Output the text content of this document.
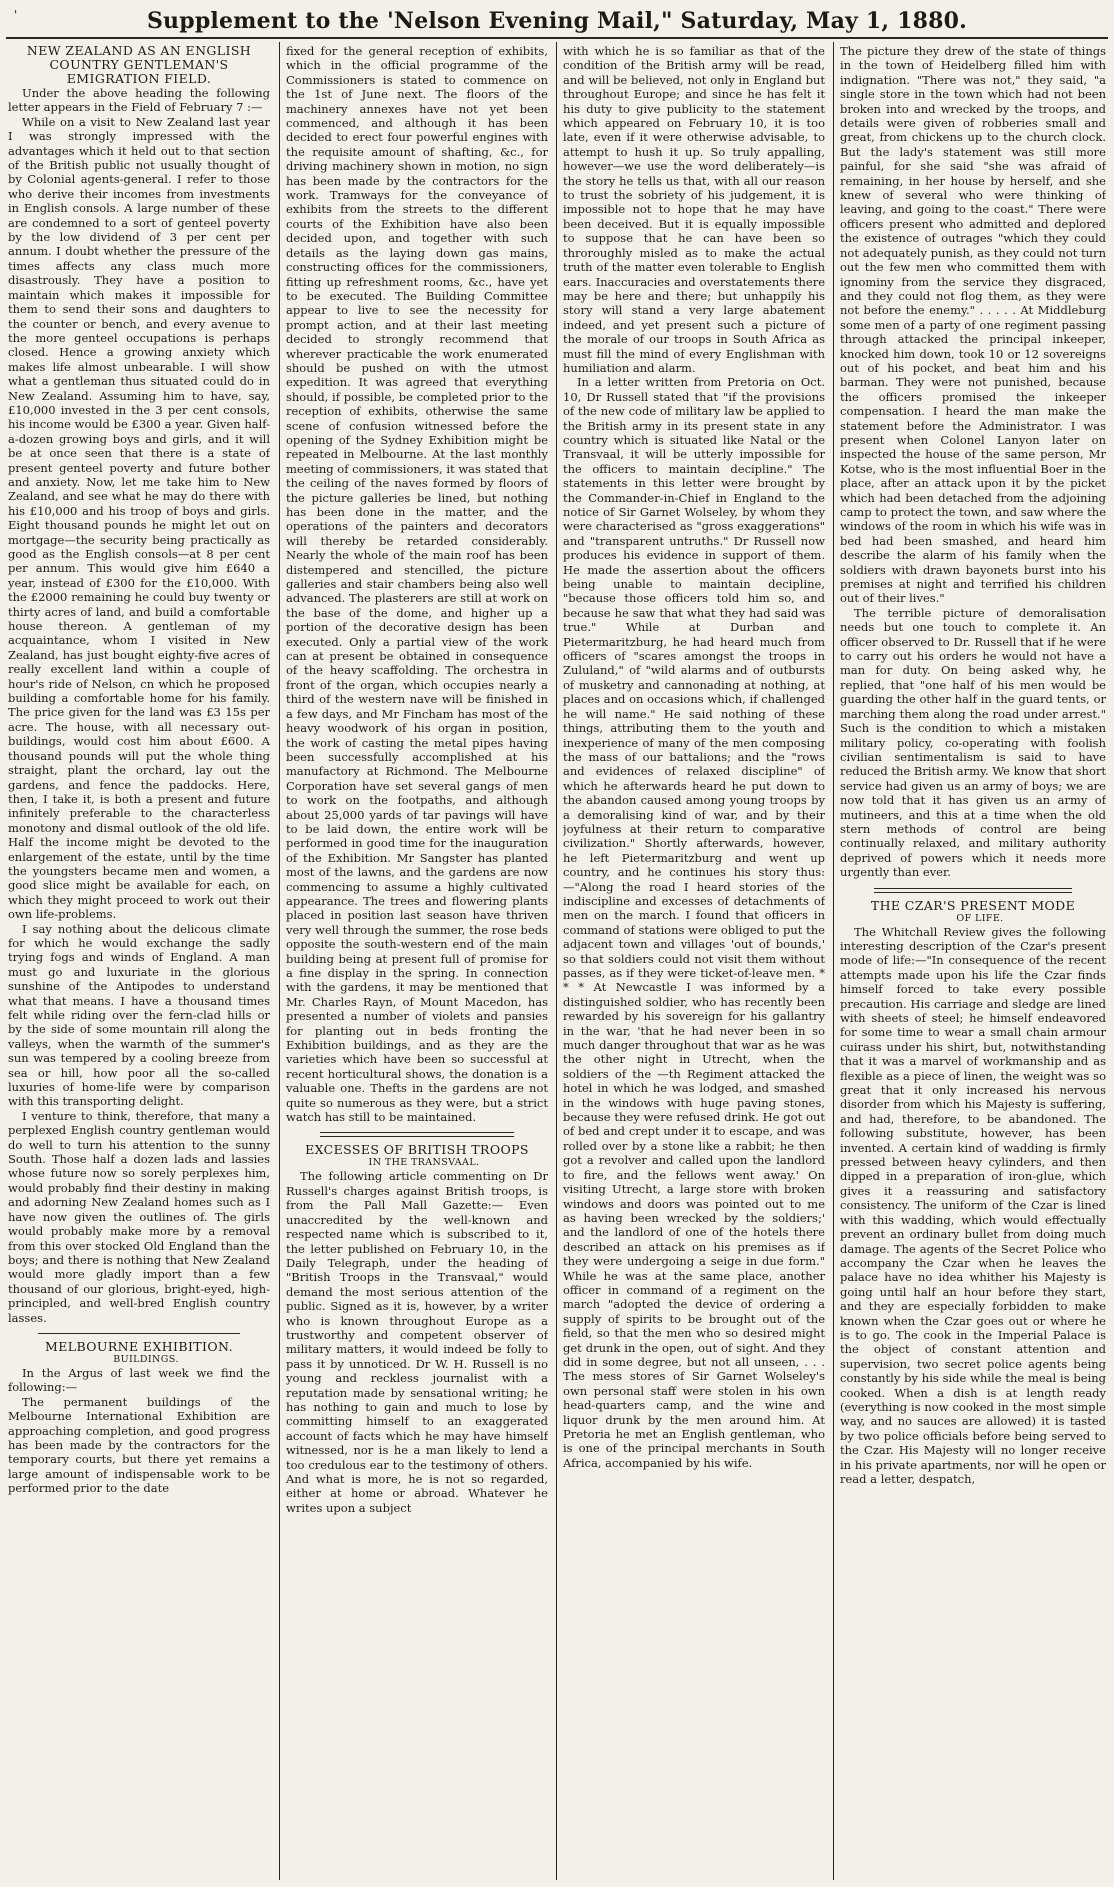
'	Supplement to the 'Nelson Evening Mail," Saturday, May 1, 1880.

NEW ZEALAND AS AN ENGLISH COUNTRY GENTLEMAN'S EMIGRATION FIELD.

Under the above heading the following letter appears in the Field of February 7 :—

While on a visit to New Zealand last year I was strongly impressed with the advantages which it held out to that section of the British public not usually thought of by Colonial agents-general. I refer to those who derive their incomes from investments in English consols. A large number of these are condemned to a sort of genteel poverty by the low dividend of 3 per cent per annum. I doubt whether the pressure of the times affects any class much more disastrously. They have a position to maintain which makes it impossible for them to send their sons and daughters to the counter or bench, and every avenue to the more genteel occupations is perhaps closed. Hence a growing anxiety which makes life almost unbearable. I will show what a gentleman thus situated could do in New Zealand. Assuming him to have, say, £10,000 invested in the 3 per cent consols, his income would be £300 a year. Given half-a-dozen growing boys and girls, and it will be at once seen that there is a state of present genteel poverty and future bother and anxiety. Now, let me take him to New Zealand, and see what he may do there with his £10,000 and his troop of boys and girls. Eight thousand pounds he might let out on mortgage—the security being practically as good as the English consols—at 8 per cent per annum. This would give him £640 a year, instead of £300 for the £10,000. With the £2000 remaining he could buy twenty or thirty acres of land, and build a comfortable house thereon. A gentleman of my acquaintance, whom I visited in New Zealand, has just bought eighty-five acres of really excellent land within a couple of hour's ride of Nelson, cn which he proposed building a comfortable home for his family. The price given for the land was £3 15s per acre. The house, with all necessary out-buildings, would cost him about £600. A thousand pounds will put the whole thing straight, plant the orchard, lay out the gardens, and fence the paddocks. Here, then, I take it, is both a present and future infinitely preferable to the characterless monotony and dismal outlook of the old life. Half the income might be devoted to the enlargement of the estate, until by the time the youngsters became men and women, a good slice might be available for each, on which they might proceed to work out their own life-problems.

I say nothing about the delicous climate for which he would exchange the sadly trying fogs and winds of England. A man must go and luxuriate in the glorious sunshine of the Antipodes to understand what that means. I have a thousand times felt while riding over the fern-clad hills or by the side of some mountain rill along the valleys, when the warmth of the summer's sun was tempered by a cooling breeze from sea or hill, how poor all the so-called luxuries of home-life were by comparison with this transporting delight.

I venture to think, therefore, that many a perplexed English country gentleman would do well to turn his attention to the sunny South. Those half a dozen lads and lassies whose future now so sorely perplexes him, would probably find their destiny in making and adorning New Zealand homes such as I have now given the outlines of. The girls would probably make more by a removal from this over stocked Old England than the boys; and there is nothing that New Zealand would more gladly import than a few thousand of our glorious, bright-eyed, high-principled, and well-bred English country lasses.

MELBOURNE EXHIBITION.

BUILDINGS.

In the Argus of last week we find the following:—

The permanent buildings of the Melbourne International Exhibition are approaching completion, and good progress has been made by the contractors for the temporary courts, but there yet remains a large amount of indispensable work to be performed prior to the date

fixed for the general reception of exhibits, which in the official programme of the Commissioners is stated to commence on the 1st of June next. The floors of the machinery annexes have not yet been commenced, and although it has been decided to erect four powerful engines with the requisite amount of shafting, &c., for driving machinery shown in motion, no sign has been made by the contractors for the work. Tramways for the conveyance of exhibits from the streets to the different courts of the Exhibition have also been decided upon, and together with such details as the laying down gas mains, constructing offices for the commissioners, fitting up refreshment rooms, &c., have yet to be executed. The Building Committee appear to live to see the necessity for prompt action, and at their last meeting decided to strongly recommend that wherever practicable the work enumerated should be pushed on with the utmost expedition. It was agreed that everything should, if possible, be completed prior to the reception of exhibits, otherwise the same scene of confusion witnessed before the opening of the Sydney Exhibition might be repeated in Melbourne. At the last monthly meeting of commissioners, it was stated that the ceiling of the naves formed by floors of the picture galleries be lined, but nothing has been done in the matter, and the operations of the painters and decorators will thereby be retarded considerably. Nearly the whole of the main roof has been distempered and stencilled, the picture galleries and stair chambers being also well advanced. The plasterers are still at work on the base of the dome, and higher up a portion of the decorative design has been executed. Only a partial view of the work can at present be obtained in consequence of the heavy scaffolding. The orchestra in front of the organ, which occupies nearly a third of the western nave will be finished in a few days, and Mr Fincham has most of the heavy woodwork of his organ in position, the work of casting the metal pipes having been successfully accomplished at his manufactory at Richmond. The Melbourne Corporation have set several gangs of men to work on the footpaths, and although about 25,000 yards of tar pavings will have to be laid down, the entire work will be performed in good time for the inauguration of the Exhibition. Mr Sangster has planted most of the lawns, and the gardens are now commencing to assume a highly cultivated appearance. The trees and flowering plants placed in position last season have thriven very well through the summer, the rose beds opposite the south-western end of the main building being at present full of promise for a fine display in the spring. In connection with the gardens, it may be mentioned that Mr. Charles Rayn, of Mount Macedon, has presented a number of violets and pansies for planting out in beds fronting the Exhibition buildings, and as they are the varieties which have been so successful at recent horticultural shows, the donation is a valuable one. Thefts in the gardens are not quite so numerous as they were, but a strict watch has still to be maintained.

EXCESSES OF BRITISH TROOPS

IN THE TRANSVAAL.

The following article commenting on Dr Russell's charges against British troops, is from the Pall Mall Gazette:— Even unaccredited by the well-known and respected name which is subscribed to it, the letter published on February 10, in the Daily Telegraph, under the heading of "British Troops in the Transvaal," would demand the most serious attention of the public. Signed as it is, however, by a writer who is known throughout Europe as a trustworthy and competent observer of military matters, it would indeed be folly to pass it by unnoticed. Dr W. H. Russell is no young and reckless journalist with a reputation made by sensational writing; he has nothing to gain and much to lose by committing himself to an exaggerated account of facts which he may have himself witnessed, nor is he a man likely to lend a too credulous ear to the testimony of others. And what is more, he is not so regarded, either at home or abroad. Whatever he writes upon a subject

with which he is so familiar as that of the condition of the British army will be read, and will be believed, not only in England but throughout Europe; and since he has felt it his duty to give publicity to the statement which appeared on February 10, it is too late, even if it were otherwise advisable, to attempt to hush it up. So truly appalling, however—we use the word deliberately—is the story he tells us that, with all our reason to trust the sobriety of his judgement, it is impossible not to hope that he may have been deceived. But it is equally impossible to suppose that he can have been so throroughly misled as to make the actual truth of the matter even tolerable to English ears. Inaccuracies and overstatements there may be here and there; but unhappily his story will stand a very large abatement indeed, and yet present such a picture of the morale of our troops in South Africa as must fill the mind of every Englishman with humiliation and alarm.

In a letter written from Pretoria on Oct. 10, Dr Russell stated that "if the provisions of the new code of military law be applied to the British army in its present state in any country which is situated like Natal or the Transvaal, it will be utterly impossible for the officers to maintain decipline." The statements in this letter were brought by the Commander-in-Chief in England to the notice of Sir Garnet Wolseley, by whom they were characterised as "gross exaggerations" and "transparent untruths." Dr Russell now produces his evidence in support of them. He made the assertion about the officers being unable to maintain decipline, "because those officers told him so, and because he saw that what they had said was true." While at Durban and Pietermaritzburg, he had heard much from officers of "scares amongst the troops in Zululand," of "wild alarms and of outbursts of musketry and cannonading at nothing, at places and on occasions which, if challenged he will name." He said nothing of these things, attributing them to the youth and inexperience of many of the men composing the mass of our battalions; and the "rows and evidences of relaxed discipline" of which he afterwards heard he put down to the abandon caused among young troops by a demoralising kind of war, and by their joyfulness at their return to comparative civilization." Shortly afterwards, however, he left Pietermaritzburg and went up country, and he continues his story thus:—"Along the road I heard stories of the indiscipline and excesses of detachments of men on the march. I found that officers in command of stations were obliged to put the adjacent town and villages 'out of bounds,' so that soldiers could not visit them without passes, as if they were ticket-of-leave men. * * * At Newcastle I was informed by a distinguished soldier, who has recently been rewarded by his sovereign for his gallantry in the war, 'that he had never been in so much danger throughout that war as he was the other night in Utrecht, when the soldiers of the —th Regiment attacked the hotel in which he was lodged, and smashed in the windows with huge paving stones, because they were refused drink. He got out of bed and crept under it to escape, and was rolled over by a stone like a rabbit; he then got a revolver and called upon the landlord to fire, and the fellows went away.' On visiting Utrecht, a large store with broken windows and doors was pointed out to me as having been wrecked by the soldiers;' and the landlord of one of the hotels there described an attack on his premises as if they were undergoing a seige in due form." While he was at the same place, another officer in command of a regiment on the march "adopted the device of ordering a supply of spirits to be brought out of the field, so that the men who so desired might get drunk in the open, out of sight. And they did in some degree, but not all unseen, . . . The mess stores of Sir Garnet Wolseley's own personal staff were stolen in his own head-quarters camp, and the wine and liquor drunk by the men around him. At Pretoria he met an English gentleman, who is one of the principal merchants in South Africa, accompanied by his wife.

The picture they drew of the state of things in the town of Heidelberg filled him with indignation. "There was not," they said, "a single store in the town which had not been broken into and wrecked by the troops, and details were given of robberies small and great, from chickens up to the church clock. But the lady's statement was still more painful, for she said "she was afraid of remaining, in her house by herself, and she knew of several who were thinking of leaving, and going to the coast." There were officers present who admitted and deplored the existence of outrages "which they could not adequately punish, as they could not turn out the few men who committed them with ignominy from the service they disgraced, and they could not flog them, as they were not before the enemy." . . . . . At Middleburg some men of a party of one regiment passing through attacked the principal inkeeper, knocked him down, took 10 or 12 sovereigns out of his pocket, and beat him and his barman. They were not punished, because the officers promised the inkeeper compensation. I heard the man make the statement before the Administrator. I was present when Colonel Lanyon later on inspected the house of the same person, Mr Kotse, who is the most influential Boer in the place, after an attack upon it by the picket which had been detached from the adjoining camp to protect the town, and saw where the windows of the room in which his wife was in bed had been smashed, and heard him describe the alarm of his family when the soldiers with drawn bayonets burst into his premises at night and terrified his children out of their lives."

The terrible picture of demoralisation needs but one touch to complete it. An officer observed to Dr. Russell that if he were to carry out his orders he would not have a man for duty. On being asked why, he replied, that "one half of his men would be guarding the other half in the guard tents, or marching them along the road under arrest." Such is the condition to which a mistaken military policy, co-operating with foolish civilian sentimentalism is said to have reduced the British army. We know that short service had given us an army of boys; we are now told that it has given us an army of mutineers, and this at a time when the old stern methods of control are being continually relaxed, and military authority deprived of powers which it needs more urgently than ever.

THE CZAR'S PRESENT MODE

OF LIFE.

The Whitchall Review gives the following interesting description of the Czar's present mode of life:—"In consequence of the recent attempts made upon his life the Czar finds himself forced to take every possible precaution. His carriage and sledge are lined with sheets of steel; he himself endeavored for some time to wear a small chain armour cuirass under his shirt, but, notwithstanding that it was a marvel of workmanship and as flexible as a piece of linen, the weight was so great that it only increased his nervous disorder from which his Majesty is suffering, and had, therefore, to be abandoned. The following substitute, however, has been invented. A certain kind of wadding is firmly pressed between heavy cylinders, and then dipped in a preparation of iron-glue, which gives it a reassuring and satisfactory consistency. The uniform of the Czar is lined with this wadding, which would effectually prevent an ordinary bullet from doing much damage. The agents of the Secret Police who accompany the Czar when he leaves the palace have no idea whither his Majesty is going until half an hour before they start, and they are especially forbidden to make known when the Czar goes out or where he is to go. The cook in the Imperial Palace is the object of constant attention and supervision, two secret police agents being constantly by his side while the meal is being cooked. When a dish is at length ready (everything is now cooked in the most simple way, and no sauces are allowed) it is tasted by two police officials before being served to the Czar. His Majesty will no longer receive in his private apartments, nor will he open or read a letter, despatch,
